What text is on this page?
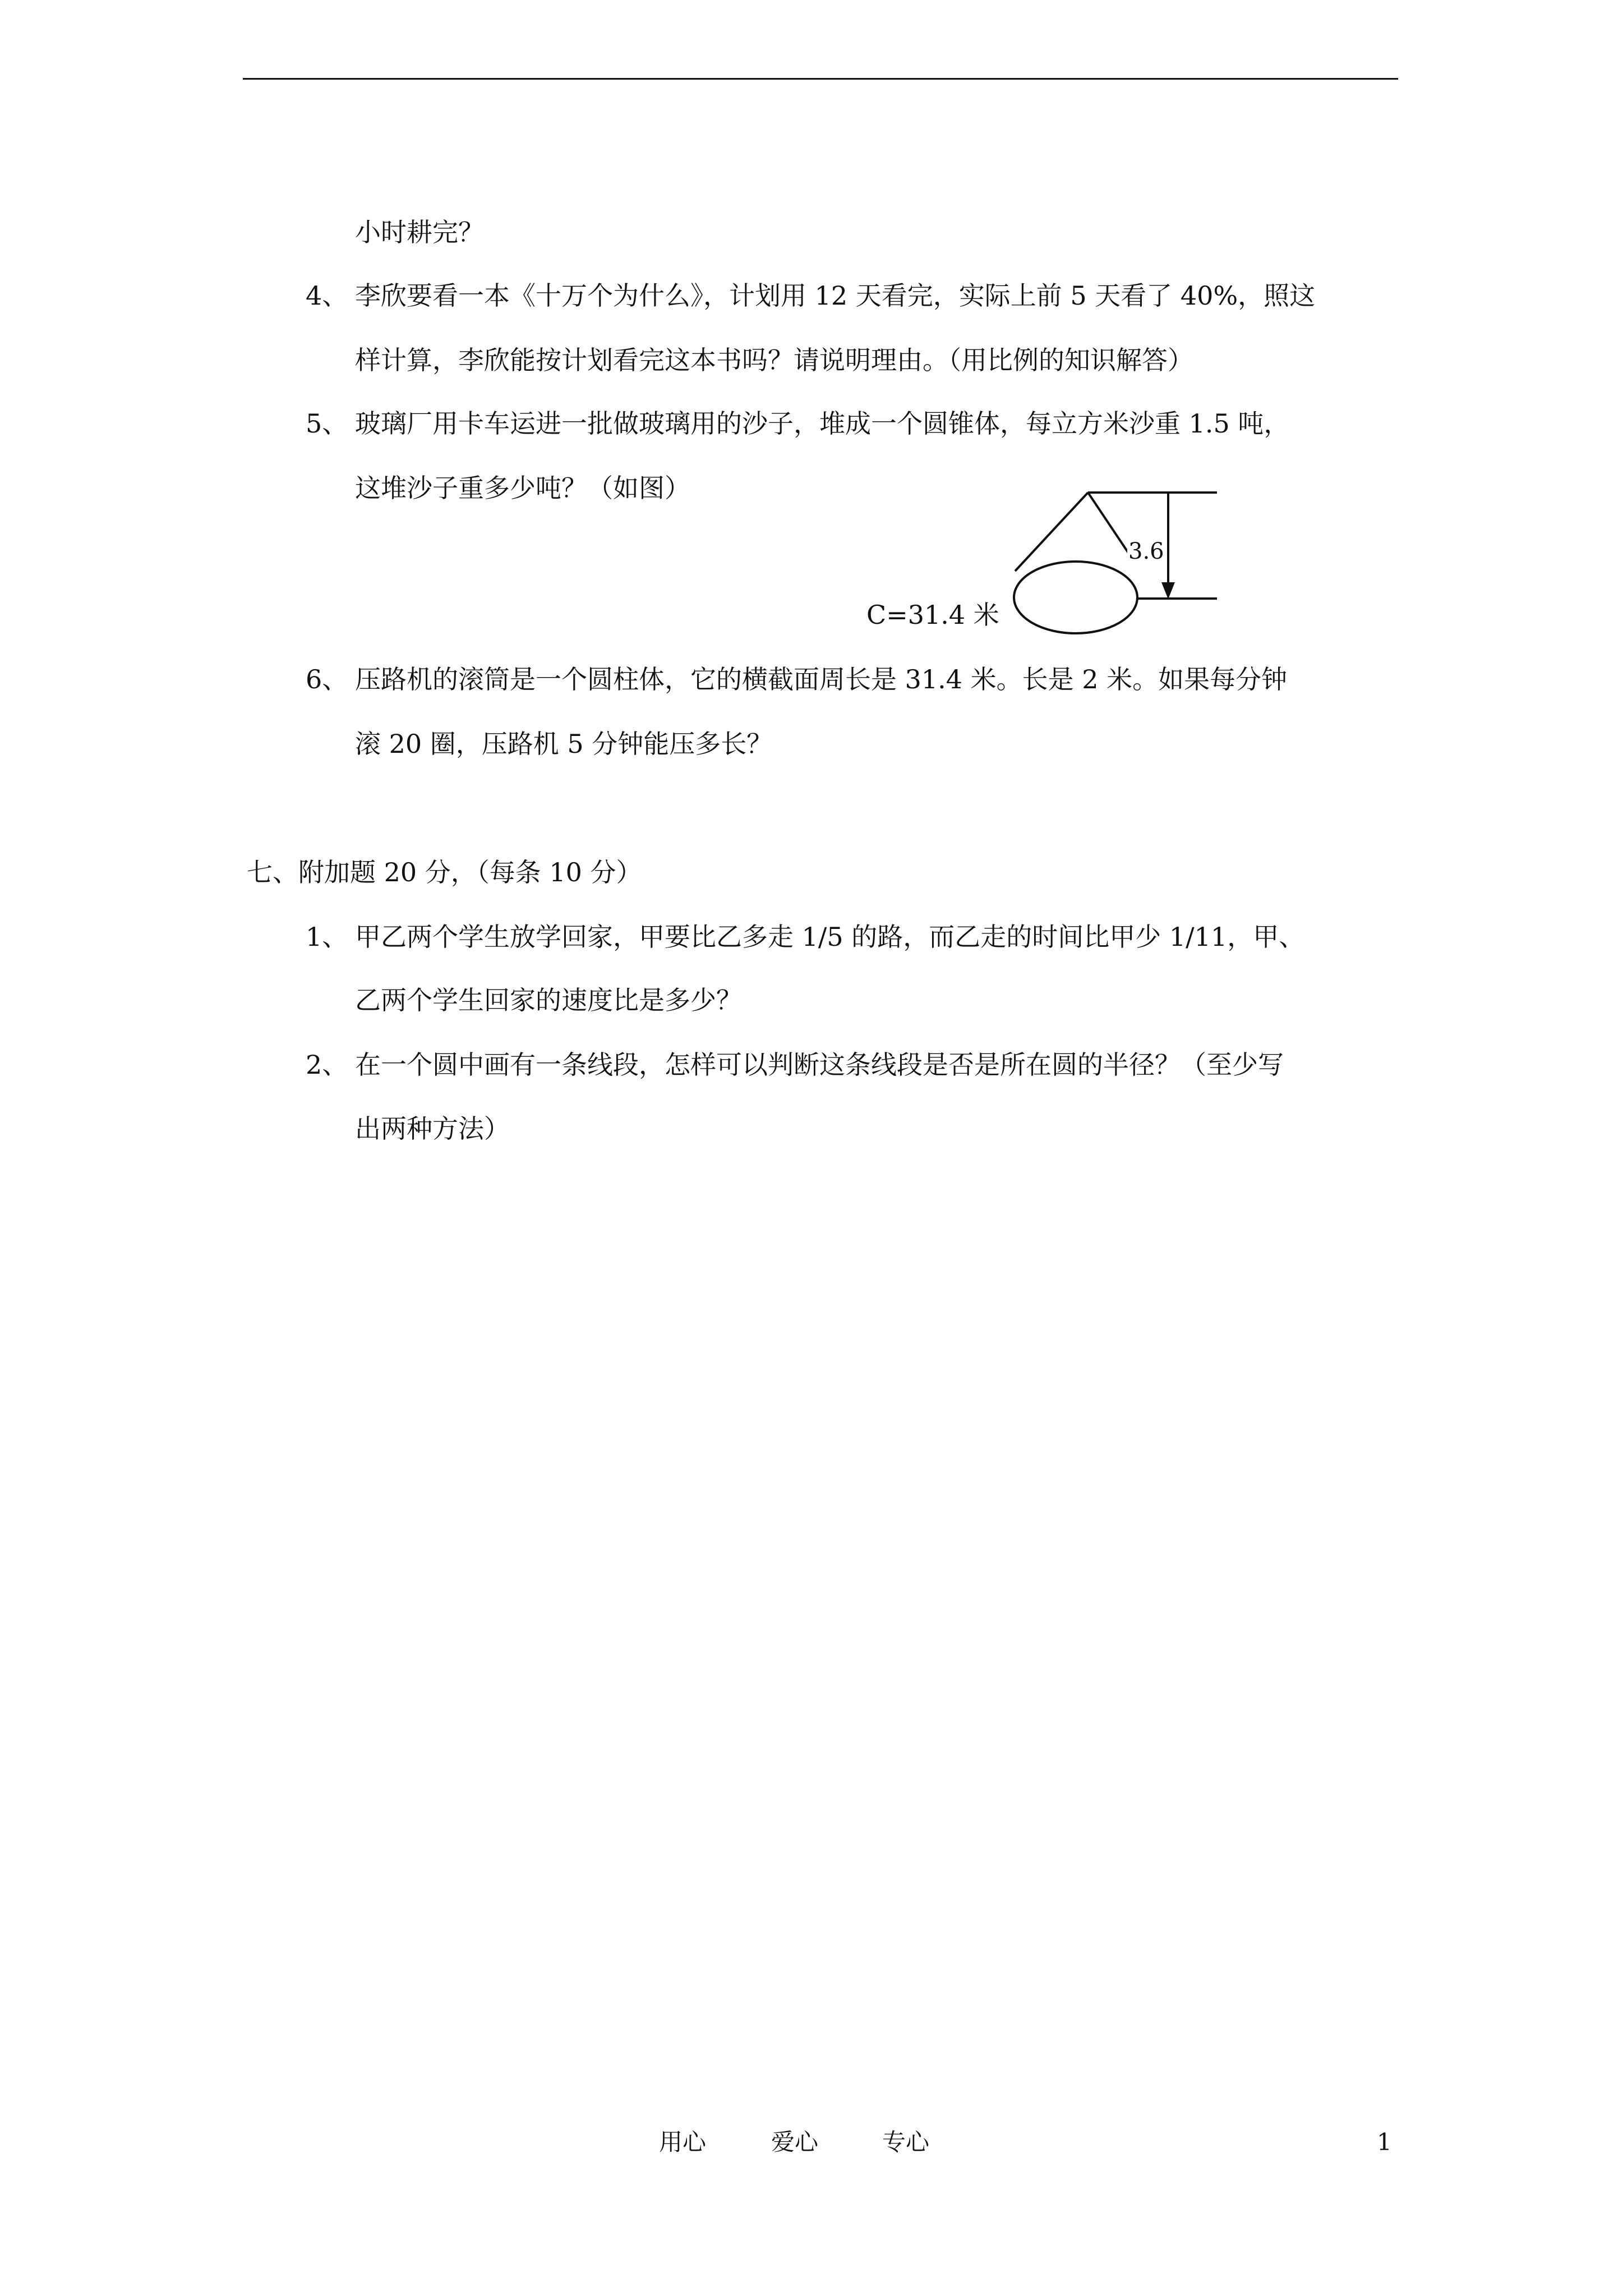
小时耕完？
4、 李欣要看一本《十万个为什么》，计划用 12 天看完，实际上前 5 天看了 40%，照这
样计算，李欣能按计划看完这本书吗？请说明理由。（用比例的知识解答）
5、 玻璃厂用卡车运进一批做玻璃用的沙子，堆成一个圆锥体，每立方米沙重 1.5 吨，
这堆沙子重多少吨？（如图）
3.6
C=31.4 米
6、 压路机的滚筒是一个圆柱体，它的横截面周长是 31.4 米。长是 2 米。如果每分钟
滚 20 圈，压路机 5 分钟能压多长？
七、附加题 20 分，（每条 10 分）
1、 甲乙两个学生放学回家，甲要比乙多走 1/5 的路，而乙走的时间比甲少 1/11，甲、
乙两个学生回家的速度比是多少？
2、 在一个圆中画有一条线段，怎样可以判断这条线段是否是所在圆的半径？（至少写
出两种方法）
用心	爱心	专心	1
